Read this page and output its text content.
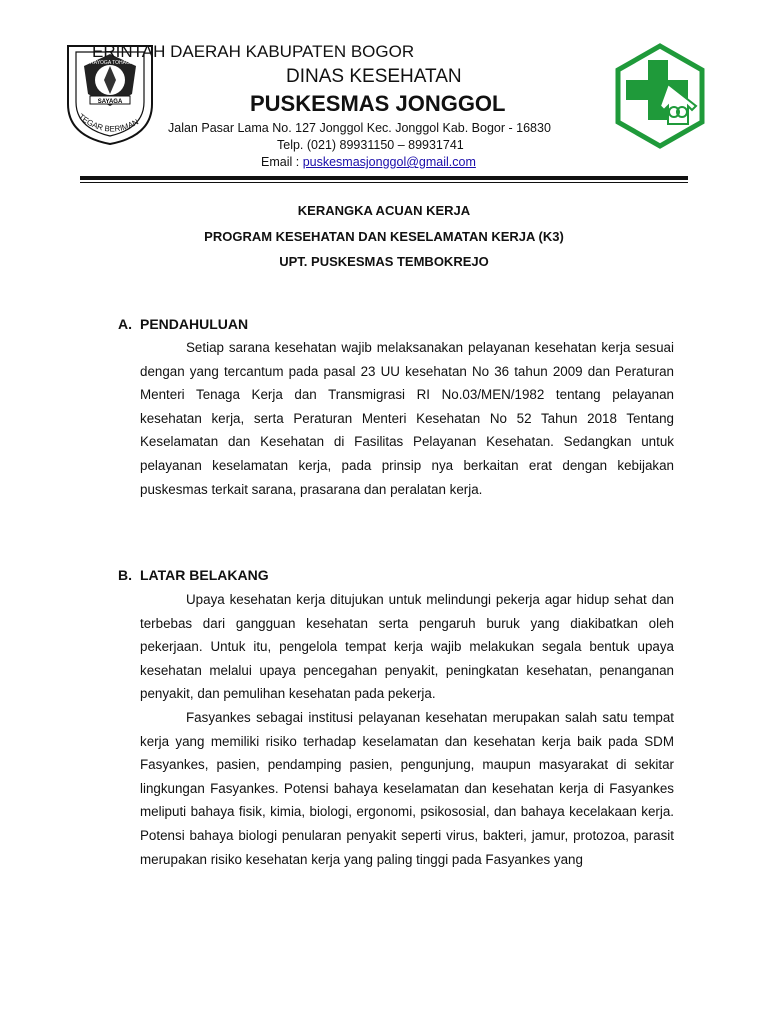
SAYAGA
PRAYOGA TOHAGA
TEGAR BERIMAN
ERINTAH DAERAH KABUPATEN BOGOR
DINAS KESEHATAN
PUSKESMAS JONGGOL
Jalan Pasar Lama No. 127 Jonggol Kec. Jonggol Kab. Bogor - 16830
Telp. (021) 89931150 – 89931741
Email : puskesmasjonggol@gmail.com
KERANGKA ACUAN KERJA
PROGRAM KESEHATAN DAN KESELAMATAN KERJA (K3)
UPT. PUSKESMAS TEMBOKREJO
A. PENDAHULUAN

Setiap sarana kesehatan wajib melaksanakan pelayanan kesehatan kerja sesuai dengan yang tercantum pada pasal 23 UU kesehatan No 36 tahun 2009 dan Peraturan Menteri Tenaga Kerja dan Transmigrasi RI No.03/MEN/1982 tentang pelayanan kesehatan kerja, serta Peraturan Menteri Kesehatan No 52 Tahun 2018 Tentang Keselamatan dan Kesehatan di Fasilitas Pelayanan Kesehatan. Sedangkan untuk pelayanan keselamatan kerja, pada prinsip nya berkaitan erat dengan kebijakan puskesmas terkait sarana, prasarana dan peralatan kerja.

B. LATAR BELAKANG

Upaya kesehatan kerja ditujukan untuk melindungi pekerja agar hidup sehat dan terbebas dari gangguan kesehatan serta pengaruh buruk yang diakibatkan oleh pekerjaan. Untuk itu, pengelola tempat kerja wajib melakukan segala bentuk upaya kesehatan melalui upaya pencegahan penyakit, peningkatan kesehatan, penanganan penyakit, dan pemulihan kesehatan pada pekerja.

Fasyankes sebagai institusi pelayanan kesehatan merupakan salah satu tempat kerja yang memiliki risiko terhadap keselamatan dan kesehatan kerja baik pada SDM Fasyankes, pasien, pendamping pasien, pengunjung, maupun masyarakat di sekitar lingkungan Fasyankes. Potensi bahaya keselamatan dan kesehatan kerja di Fasyankes meliputi bahaya fisik, kimia, biologi, ergonomi, psikososial, dan bahaya kecelakaan kerja. Potensi bahaya biologi penularan penyakit seperti virus, bakteri, jamur, protozoa, parasit merupakan risiko kesehatan kerja yang paling tinggi pada Fasyankes yang
